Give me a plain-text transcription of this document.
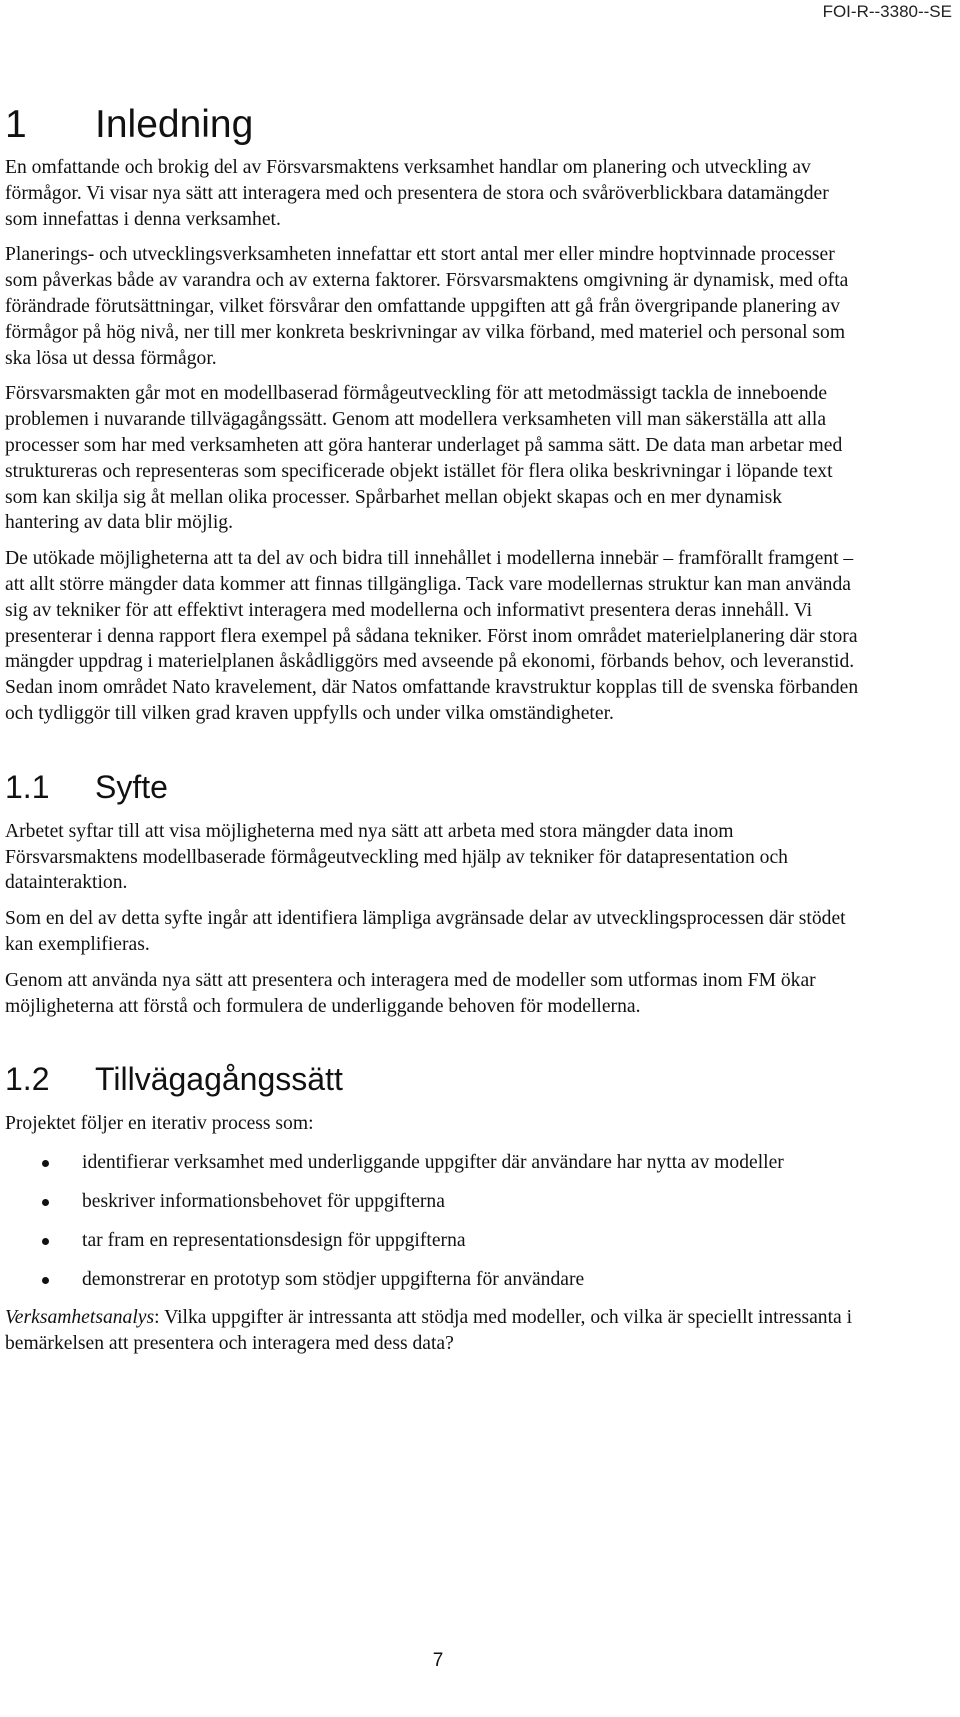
FOI-R--3380--SE
1 Inledning

En omfattande och brokig del av Försvarsmaktens verksamhet handlar om planering och utveckling av förmågor. Vi visar nya sätt att interagera med och presentera de stora och svåröverblickbara datamängder som innefattas i denna verksamhet.

Planerings- och utvecklingsverksamheten innefattar ett stort antal mer eller mindre hoptvinnade processer som påverkas både av varandra och av externa faktorer. Försvarsmaktens omgivning är dynamisk, med ofta förändrade förutsättningar, vilket försvårar den omfattande uppgiften att gå från övergripande planering av förmågor på hög nivå, ner till mer konkreta beskrivningar av vilka förband, med materiel och personal som ska lösa ut dessa förmågor.

Försvarsmakten går mot en modellbaserad förmågeutveckling för att metodmässigt tackla de inneboende problemen i nuvarande tillvägagångssätt. Genom att modellera verksamheten vill man säkerställa att alla processer som har med verksamheten att göra hanterar underlaget på samma sätt. De data man arbetar med struktureras och representeras som specificerade objekt istället för flera olika beskrivningar i löpande text som kan skilja sig åt mellan olika processer. Spårbarhet mellan objekt skapas och en mer dynamisk hantering av data blir möjlig.

De utökade möjligheterna att ta del av och bidra till innehållet i modellerna innebär – framförallt framgent – att allt större mängder data kommer att finnas tillgängliga. Tack vare modellernas struktur kan man använda sig av tekniker för att effektivt interagera med modellerna och informativt presentera deras innehåll. Vi presenterar i denna rapport flera exempel på sådana tekniker. Först inom området materielplanering där stora mängder uppdrag i materielplanen åskådliggörs med avseende på ekonomi, förbands behov, och leveranstid. Sedan inom området Nato kravelement, där Natos omfattande kravstruktur kopplas till de svenska förbanden och tydliggör till vilken grad kraven uppfylls och under vilka omständigheter.

1.1 Syfte

Arbetet syftar till att visa möjligheterna med nya sätt att arbeta med stora mängder data inom Försvarsmaktens modellbaserade förmågeutveckling med hjälp av tekniker för datapresentation och datainteraktion.

Som en del av detta syfte ingår att identifiera lämpliga avgränsade delar av utvecklingsprocessen där stödet kan exemplifieras.

Genom att använda nya sätt att presentera och interagera med de modeller som utformas inom FM ökar möjligheterna att förstå och formulera de underliggande behoven för modellerna.

1.2 Tillvägagångssätt

Projektet följer en iterativ process som:

identifierar verksamhet med underliggande uppgifter där användare har nytta av modeller
beskriver informationsbehovet för uppgifterna
tar fram en representationsdesign för uppgifterna
demonstrerar en prototyp som stödjer uppgifterna för användare

Verksamhetsanalys: Vilka uppgifter är intressanta att stödja med modeller, och vilka är speciellt intressanta i bemärkelsen att presentera och interagera med dess data?

7
